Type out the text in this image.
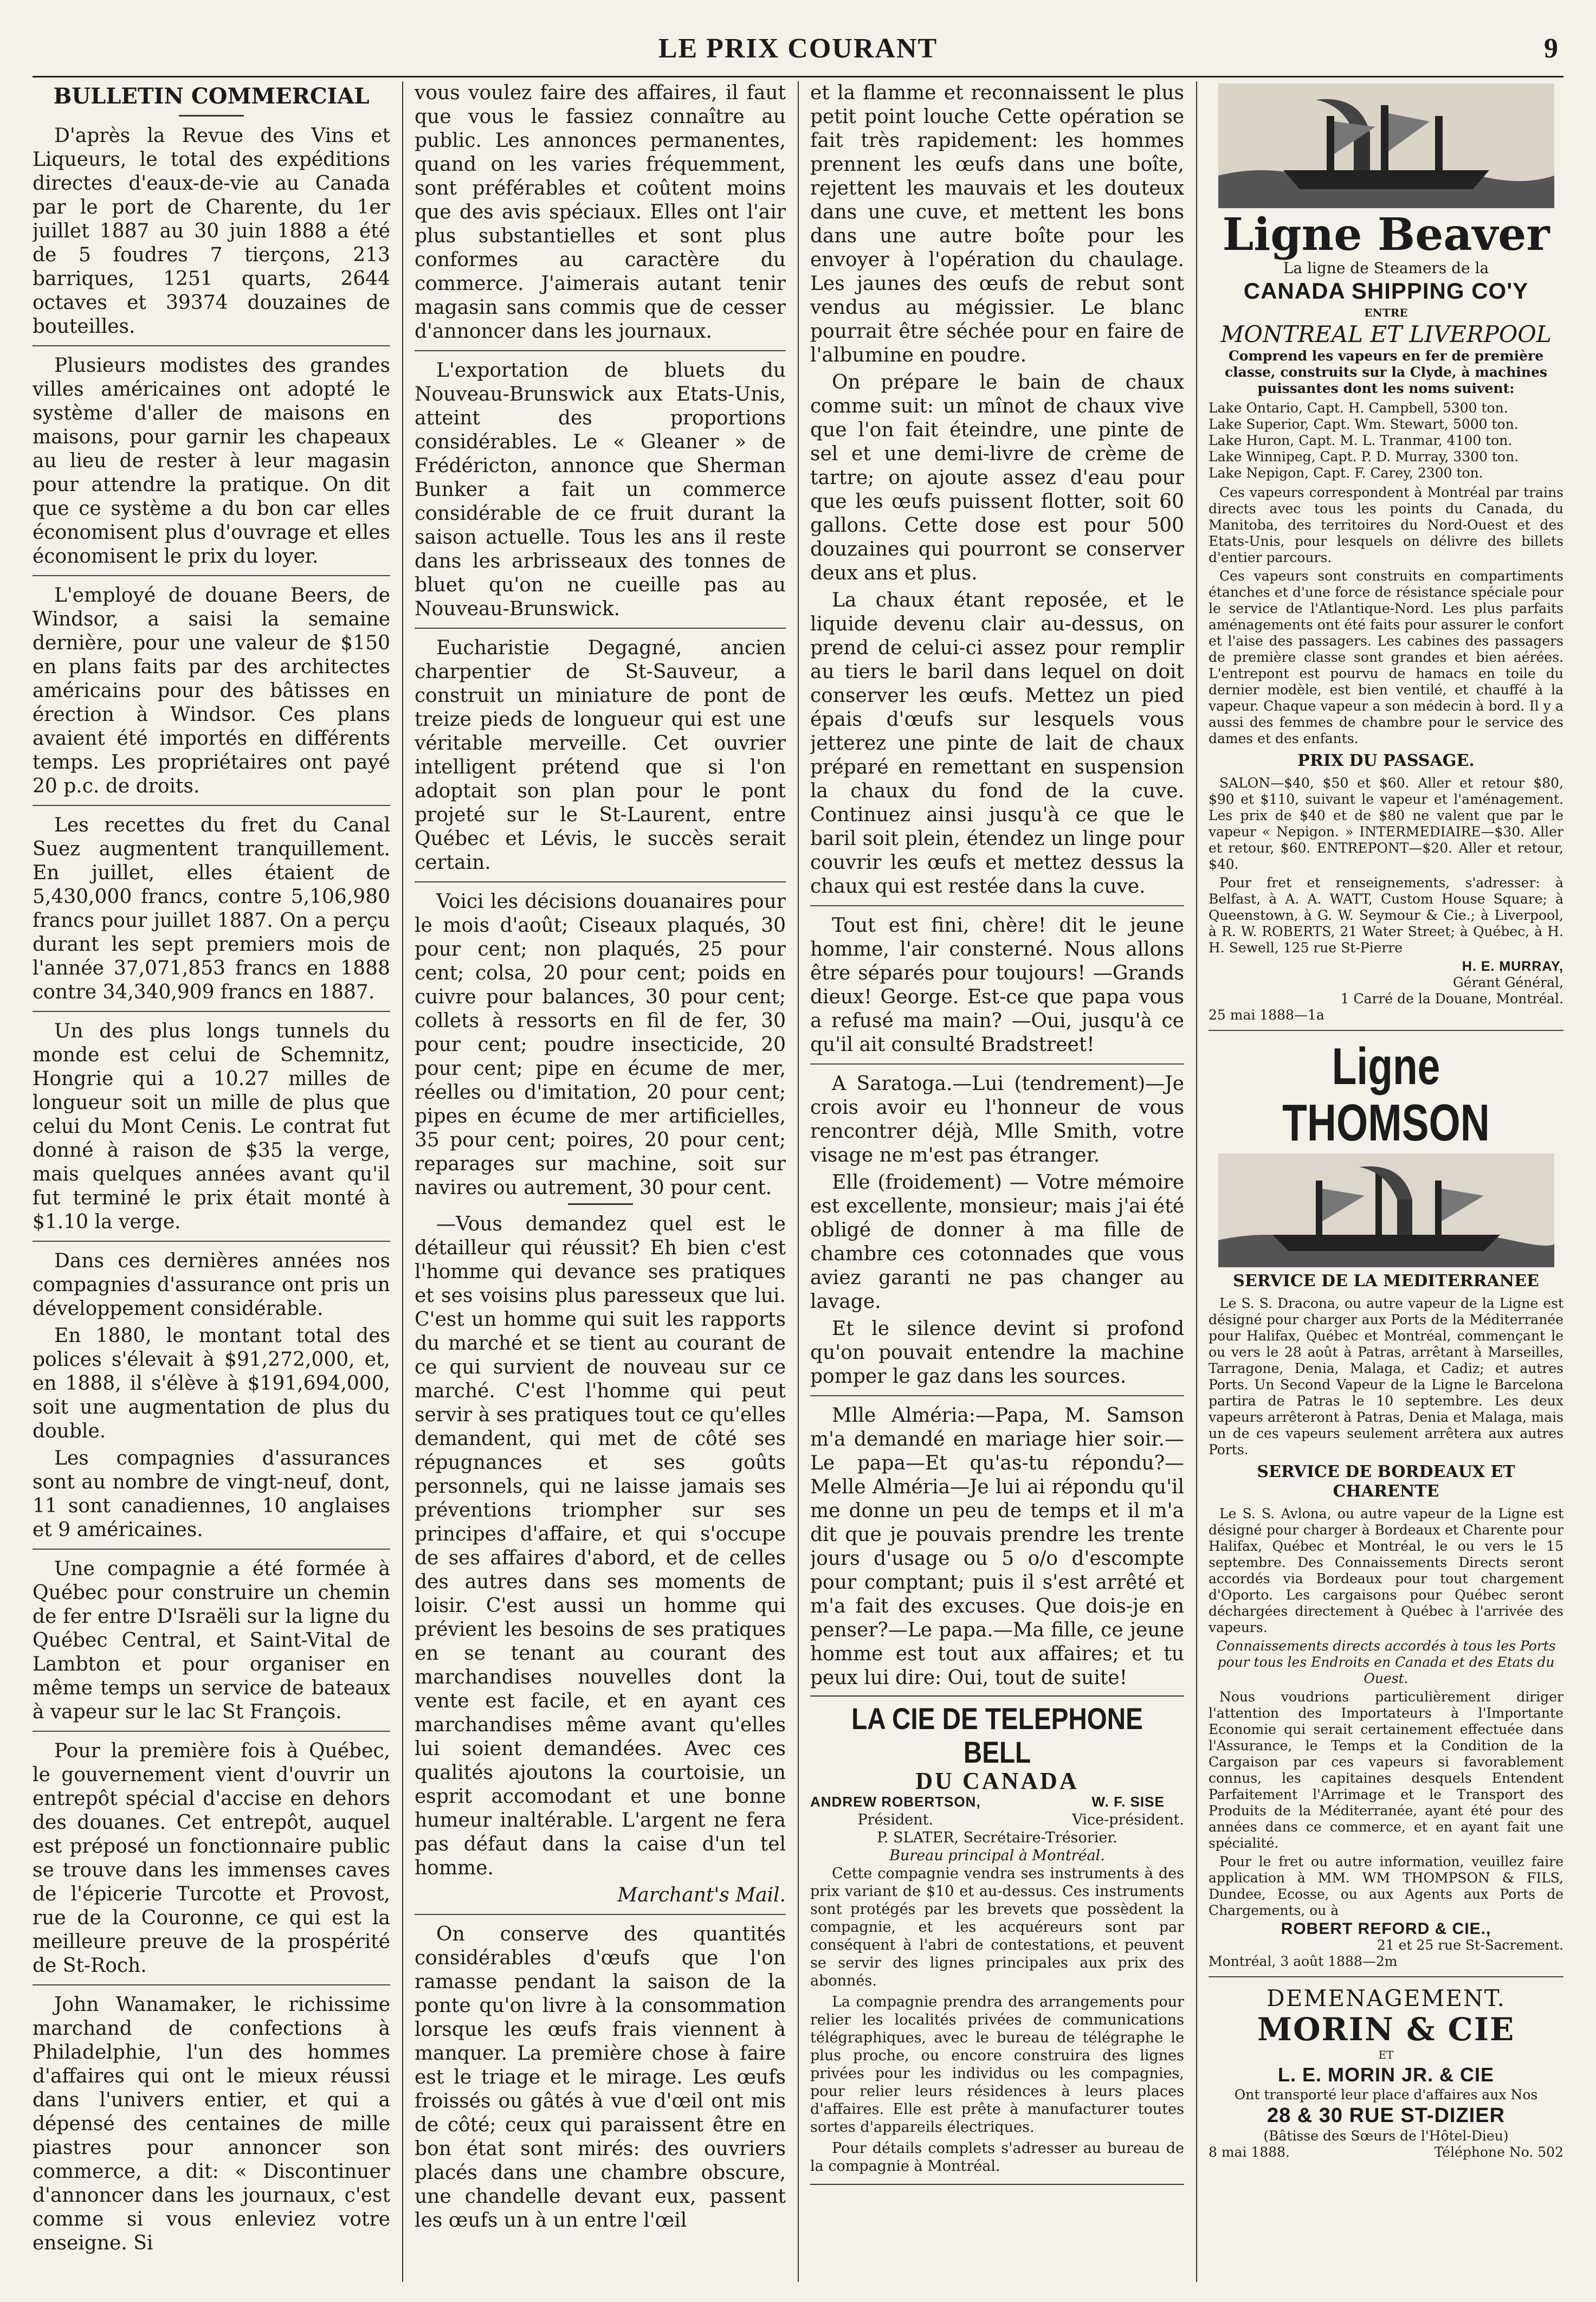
LE PRIX COURANT	9
BULLETIN COMMERCIAL

D'après la Revue des Vins et Liqueurs, le total des expéditions directes d'eaux-de-vie au Canada par le port de Charente, du 1er juillet 1887 au 30 juin 1888 a été de 5 foudres 7 tierçons, 213 barriques, 1251 quarts, 2644 octaves et 39374 douzaines de bouteilles.

Plusieurs modistes des grandes villes américaines ont adopté le système d'aller de maisons en maisons, pour garnir les chapeaux au lieu de rester à leur magasin pour attendre la pratique. On dit que ce système a du bon car elles économisent plus d'ouvrage et elles économisent le prix du loyer.

L'employé de douane Beers, de Windsor, a saisi la semaine dernière, pour une valeur de $150 en plans faits par des architectes américains pour des bâtisses en érection à Windsor. Ces plans avaient été importés en différents temps. Les propriétaires ont payé 20 p.c. de droits.

Les recettes du fret du Canal Suez augmentent tranquillement. En juillet, elles étaient de 5,430,000 francs, contre 5,106,980 francs pour juillet 1887. On a perçu durant les sept premiers mois de l'année 37,071,853 francs en 1888 contre 34,340,909 francs en 1887.

Un des plus longs tunnels du monde est celui de Schemnitz, Hongrie qui a 10.27 milles de longueur soit un mille de plus que celui du Mont Cenis. Le contrat fut donné à raison de $35 la verge, mais quelques années avant qu'il fut terminé le prix était monté à $1.10 la verge.

Dans ces dernières années nos compagnies d'assurance ont pris un développement considérable.

En 1880, le montant total des polices s'élevait à $91,272,000, et, en 1888, il s'élève à $191,694,000, soit une augmentation de plus du double.

Les compagnies d'assurances sont au nombre de vingt-neuf, dont, 11 sont canadiennes, 10 anglaises et 9 américaines.

Une compagnie a été formée à Québec pour construire un chemin de fer entre D'Israëli sur la ligne du Québec Central, et Saint-Vital de Lambton et pour organiser en même temps un service de bateaux à vapeur sur le lac St François.

Pour la première fois à Québec, le gouvernement vient d'ouvrir un entrepôt spécial d'accise en dehors des douanes. Cet entrepôt, auquel est préposé un fonctionnaire public se trouve dans les immenses caves de l'épicerie Turcotte et Provost, rue de la Couronne, ce qui est la meilleure preuve de la prospérité de St-Roch.

John Wanamaker, le richissime marchand de confections à Philadelphie, l'un des hommes d'affaires qui ont le mieux réussi dans l'univers entier, et qui a dépensé des centaines de mille piastres pour annoncer son commerce, a dit: « Discontinuer d'annoncer dans les journaux, c'est comme si vous enleviez votre enseigne. Si

vous voulez faire des affaires, il faut que vous le fassiez connaître au public. Les annonces permanentes, quand on les varies fréquemment, sont préférables et coûtent moins que des avis spéciaux. Elles ont l'air plus substantielles et sont plus conformes au caractère du commerce. J'aimerais autant tenir magasin sans commis que de cesser d'annoncer dans les journaux.

L'exportation de bluets du Nouveau-Brunswick aux Etats-Unis, atteint des proportions considérables. Le « Gleaner » de Frédéricton, annonce que Sherman Bunker a fait un commerce considérable de ce fruit durant la saison actuelle. Tous les ans il reste dans les arbrisseaux des tonnes de bluet qu'on ne cueille pas au Nouveau-Brunswick.

Eucharistie Degagné, ancien charpentier de St-Sauveur, a construit un miniature de pont de treize pieds de longueur qui est une véritable merveille. Cet ouvrier intelligent prétend que si l'on adoptait son plan pour le pont projeté sur le St-Laurent, entre Québec et Lévis, le succès serait certain.

Voici les décisions douanaires pour le mois d'août; Ciseaux plaqués, 30 pour cent; non plaqués, 25 pour cent; colsa, 20 pour cent; poids en cuivre pour balances, 30 pour cent; collets à ressorts en fil de fer, 30 pour cent; poudre insecticide, 20 pour cent; pipe en écume de mer, réelles ou d'imitation, 20 pour cent; pipes en écume de mer artificielles, 35 pour cent; poires, 20 pour cent; reparages sur machine, soit sur navires ou autrement, 30 pour cent.

—Vous demandez quel est le détailleur qui réussit? Eh bien c'est l'homme qui devance ses pratiques et ses voisins plus paresseux que lui. C'est un homme qui suit les rapports du marché et se tient au courant de ce qui survient de nouveau sur ce marché. C'est l'homme qui peut servir à ses pratiques tout ce qu'elles demandent, qui met de côté ses répugnances et ses goûts personnels, qui ne laisse jamais ses préventions triompher sur ses principes d'affaire, et qui s'occupe de ses affaires d'abord, et de celles des autres dans ses moments de loisir. C'est aussi un homme qui prévient les besoins de ses pratiques en se tenant au courant des marchandises nouvelles dont la vente est facile, et en ayant ces marchandises même avant qu'elles lui soient demandées. Avec ces qualités ajoutons la courtoisie, un esprit accomodant et une bonne humeur inaltérable. L'argent ne fera pas défaut dans la caise d'un tel homme.

Marchant's Mail.

On conserve des quantités considérables d'œufs que l'on ramasse pendant la saison de la ponte qu'on livre à la consommation lorsque les œufs frais viennent à manquer. La première chose à faire est le triage et le mirage. Les œufs froissés ou gâtés à vue d'œil ont mis de côté; ceux qui paraissent être en bon état sont mirés: des ouvriers placés dans une chambre obscure, une chandelle devant eux, passent les œufs un à un entre l'œil

et la flamme et reconnaissent le plus petit point louche Cette opération se fait très rapidement: les hommes prennent les œufs dans une boîte, rejettent les mauvais et les douteux dans une cuve, et mettent les bons dans une autre boîte pour les envoyer à l'opération du chaulage. Les jaunes des œufs de rebut sont vendus au mégissier. Le blanc pourrait être séchée pour en faire de l'albumine en poudre.

On prépare le bain de chaux comme suit: un mînot de chaux vive que l'on fait éteindre, une pinte de sel et une demi-livre de crème de tartre; on ajoute assez d'eau pour que les œufs puissent flotter, soit 60 gallons. Cette dose est pour 500 douzaines qui pourront se conserver deux ans et plus.

La chaux étant reposée, et le liquide devenu clair au-dessus, on prend de celui-ci assez pour remplir au tiers le baril dans lequel on doit conserver les œufs. Mettez un pied épais d'œufs sur lesquels vous jetterez une pinte de lait de chaux préparé en remettant en suspension la chaux du fond de la cuve. Continuez ainsi jusqu'à ce que le baril soit plein, étendez un linge pour couvrir les œufs et mettez dessus la chaux qui est restée dans la cuve.

Tout est fini, chère! dit le jeune homme, l'air consterné. Nous allons être séparés pour toujours! —Grands dieux! George. Est-ce que papa vous a refusé ma main? —Oui, jusqu'à ce qu'il ait consulté Bradstreet!

A Saratoga.—Lui (tendrement)—Je crois avoir eu l'honneur de vous rencontrer déjà, Mlle Smith, votre visage ne m'est pas étranger.

Elle (froidement) — Votre mémoire est excellente, monsieur; mais j'ai été obligé de donner à ma fille de chambre ces cotonnades que vous aviez garanti ne pas changer au lavage.

Et le silence devint si profond qu'on pouvait entendre la machine pomper le gaz dans les sources.

Mlle Alméria:—Papa, M. Samson m'a demandé en mariage hier soir.—Le papa—Et qu'as-tu répondu?—Melle Alméria—Je lui ai répondu qu'il me donne un peu de temps et il m'a dit que je pouvais prendre les trente jours d'usage ou 5 o/o d'escompte pour comptant; puis il s'est arrêté et m'a fait des excuses. Que dois-je en penser?—Le papa.—Ma fille, ce jeune homme est tout aux affaires; et tu peux lui dire: Oui, tout de suite!

LA CIE DE TELEPHONE BELL
DU CANADA
ANDREW ROBERTSON,
Président.
W. F. SISE
Vice-président.
P. SLATER, Secrétaire-Trésorier.
Bureau principal à Montréal.

Cette compagnie vendra ses instruments à des prix variant de $10 et au-dessus. Ces instruments sont protégés par les brevets que possèdent la compagnie, et les acquéreurs sont par conséquent à l'abri de contestations, et peuvent se servir des lignes principales aux prix des abonnés.

La compagnie prendra des arrangements pour relier les localités privées de communications télégraphiques, avec le bureau de télégraphe le plus proche, ou encore construira des lignes privées pour les individus ou les compagnies, pour relier leurs résidences à leurs places d'affaires. Elle est prête à manufacturer toutes sortes d'appareils électriques.

Pour détails complets s'adresser au bureau de la compagnie à Montréal.

Ligne Beaver
La ligne de Steamers de la
CANADA SHIPPING CO'Y
ENTRE
MONTREAL ET LIVERPOOL
Comprend les vapeurs en fer de première classe, construits sur la Clyde, à machines puissantes dont les noms suivent:
Lake Ontario, Capt. H. Campbell, 5300 ton.
Lake Superior, Capt. Wm. Stewart, 5000 ton.
Lake Huron, Capt. M. L. Tranmar, 4100 ton.
Lake Winnipeg, Capt. P. D. Murray, 3300 ton.
Lake Nepigon, Capt. F. Carey, 2300 ton.

Ces vapeurs correspondent à Montréal par trains directs avec tous les points du Canada, du Manitoba, des territoires du Nord-Ouest et des Etats-Unis, pour lesquels on délivre des billets d'entier parcours.

Ces vapeurs sont construits en compartiments étanches et d'une force de résistance spéciale pour le service de l'Atlantique-Nord. Les plus parfaits aménagements ont été faits pour assurer le confort et l'aise des passagers. Les cabines des passagers de première classe sont grandes et bien aérées. L'entrepont est pourvu de hamacs en toile du dernier modèle, est bien ventilé, et chauffé à la vapeur. Chaque vapeur a son médecin à bord. Il y a aussi des femmes de chambre pour le service des dames et des enfants.

PRIX DU PASSAGE.

SALON—$40, $50 et $60. Aller et retour $80, $90 et $110, suivant le vapeur et l'aménagement. Les prix de $40 et de $80 ne valent que par le vapeur « Nepigon. » INTERMEDIAIRE—$30. Aller et retour, $60. ENTREPONT—$20. Aller et retour, $40.

Pour fret et renseignements, s'adresser: à Belfast, à A. A. WATT, Custom House Square; à Queenstown, à G. W. Seymour & Cie.; à Liverpool, à R. W. ROBERTS, 21 Water Street; à Québec, à H. H. Sewell, 125 rue St-Pierre

H. E. MURRAY,
Gérant Général,
1 Carré de la Douane, Montréal.
25 mai 1888—1a
Ligne THOMSON
SERVICE DE LA MEDITERRANEE

Le S. S. Dracona, ou autre vapeur de la Ligne est désigné pour charger aux Ports de la Méditerranée pour Halifax, Québec et Montréal, commençant le ou vers le 28 août à Patras, arrêtant à Marseilles, Tarragone, Denia, Malaga, et Cadiz; et autres Ports. Un Second Vapeur de la Ligne le Barcelona partira de Patras le 10 septembre. Les deux vapeurs arrêteront à Patras, Denia et Malaga, mais un de ces vapeurs seulement arrêtera aux autres Ports.

SERVICE DE BORDEAUX ET CHARENTE

Le S. S. Avlona, ou autre vapeur de la Ligne est désigné pour charger à Bordeaux et Charente pour Halifax, Québec et Montréal, le ou vers le 15 septembre. Des Connaissements Directs seront accordés via Bordeaux pour tout chargement d'Oporto. Les cargaisons pour Québec seront déchargées directement à Québec à l'arrivée des vapeurs.

Connaissements directs accordés à tous les Ports pour tous les Endroits en Canada et des Etats du Ouest.

Nous voudrions particulièrement diriger l'attention des Importateurs à l'Importante Economie qui serait certainement effectuée dans l'Assurance, le Temps et la Condition de la Cargaison par ces vapeurs si favorablement connus, les capitaines desquels Entendent Parfaitement l'Arrimage et le Transport des Produits de la Méditerranée, ayant été pour des années dans ce commerce, et en ayant fait une spécialité.

Pour le fret ou autre information, veuillez faire application à MM. WM THOMPSON & FILS, Dundee, Ecosse, ou aux Agents aux Ports de Chargements, ou à

ROBERT REFORD & CIE.,
21 et 25 rue St-Sacrement.
Montréal, 3 août 1888—2m
DEMENAGEMENT.
MORIN & CIE
ET
L. E. MORIN JR. & CIE
Ont transporté leur place d'affaires aux Nos
28 & 30 RUE ST-DIZIER
(Bâtisse des Sœurs de l'Hôtel-Dieu)
8 mai 1888.	Téléphone No. 502
